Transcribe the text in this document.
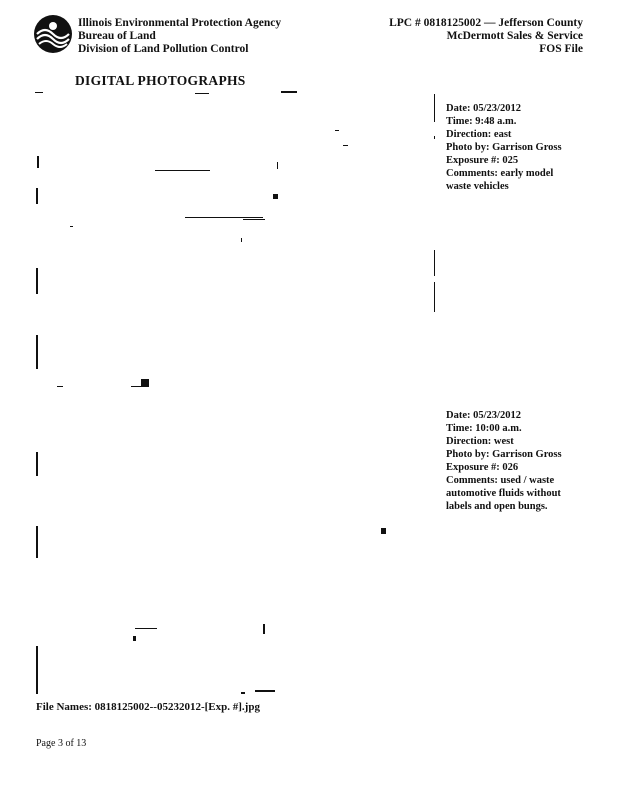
Illinois Environmental Protection Agency
Bureau of Land
Division of Land Pollution Control
LPC # 0818125002 — Jefferson County
McDermott Sales & Service
FOS File
DIGITAL PHOTOGRAPHS
Date: 05/23/2012
Time: 9:48 a.m.
Direction: east
Photo by: Garrison Gross
Exposure #: 025
Comments: early model
waste vehicles
Date: 05/23/2012
Time: 10:00 a.m.
Direction: west
Photo by: Garrison Gross
Exposure #: 026
Comments: used / waste
automotive fluids without
labels and open bungs.
File Names: 0818125002--05232012-[Exp. #].jpg
Page 3 of 13
